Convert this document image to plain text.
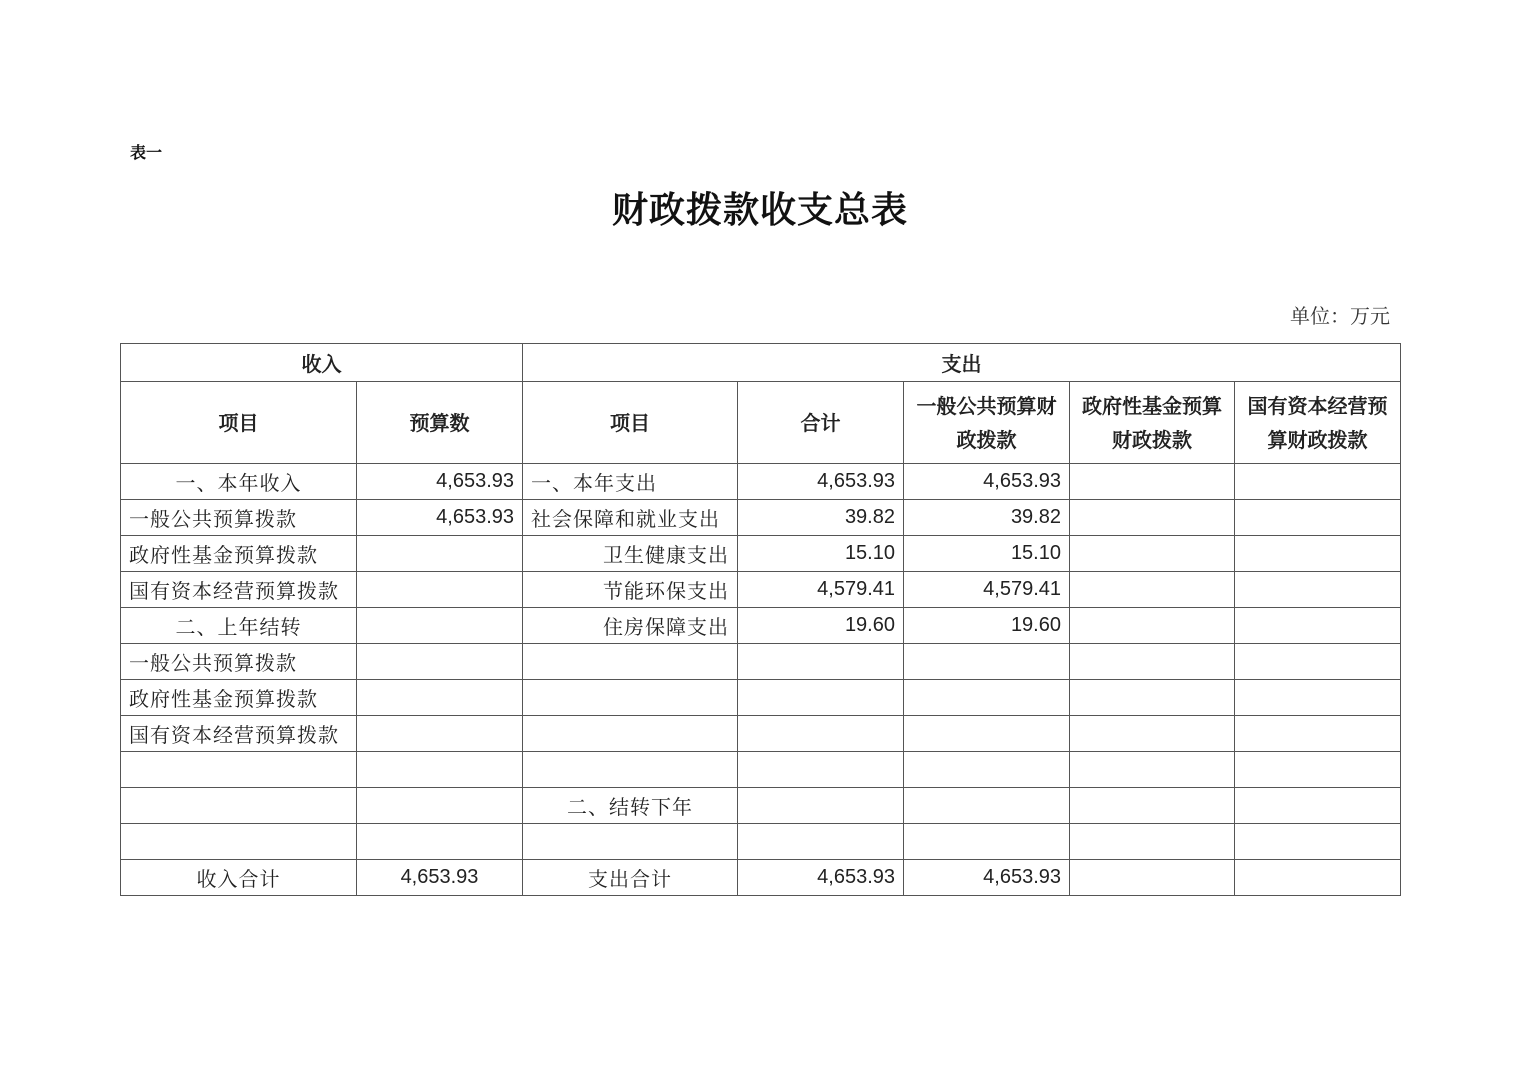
表一
财政拨款收支总表
单位：万元
收入		支出				
项目	预算数	项目	合计	一般公共预算财政拨款	政府性基金预算财政拨款	国有资本经营预算财政拨款
一、本年收入	4,653.93	一、本年支出	4,653.93	4,653.93		
一般公共预算拨款	4,653.93	社会保障和就业支出	39.82	39.82		
政府性基金预算拨款		卫生健康支出	15.10	15.10		
国有资本经营预算拨款		节能环保支出	4,579.41	4,579.41		
二、上年结转		住房保障支出	19.60	19.60		
一般公共预算拨款						
政府性基金预算拨款						
国有资本经营预算拨款						

		二、结转下年				

收入合计	4,653.93	支出合计	4,653.93	4,653.93		
